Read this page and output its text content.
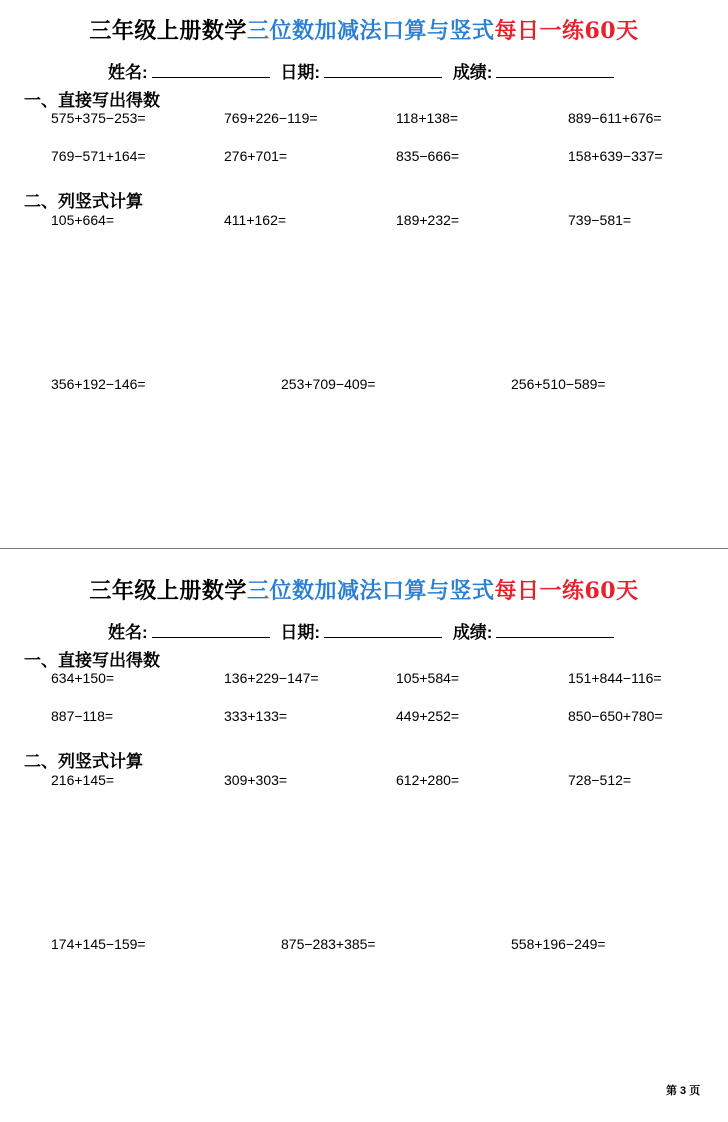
三年级上册数学三位数加减法口算与竖式每日一练60天
姓名:	日期:	成绩:
一、直接写出得数
575+375−253=	769+226−119=	118+138=	889−611+676=
769−571+164=	276+701=	835−666=	158+639−337=
二、列竖式计算
105+664=	411+162=	189+232=	739−581=
356+192−146=	253+709−409=	256+510−589=
三年级上册数学三位数加减法口算与竖式每日一练60天
姓名:	日期:	成绩:
一、直接写出得数
634+150=	136+229−147=	105+584=	151+844−116=
887−118=	333+133=	449+252=	850−650+780=
二、列竖式计算
216+145=	309+303=	612+280=	728−512=
174+145−159=	875−283+385=	558+196−249=
第 3 页
